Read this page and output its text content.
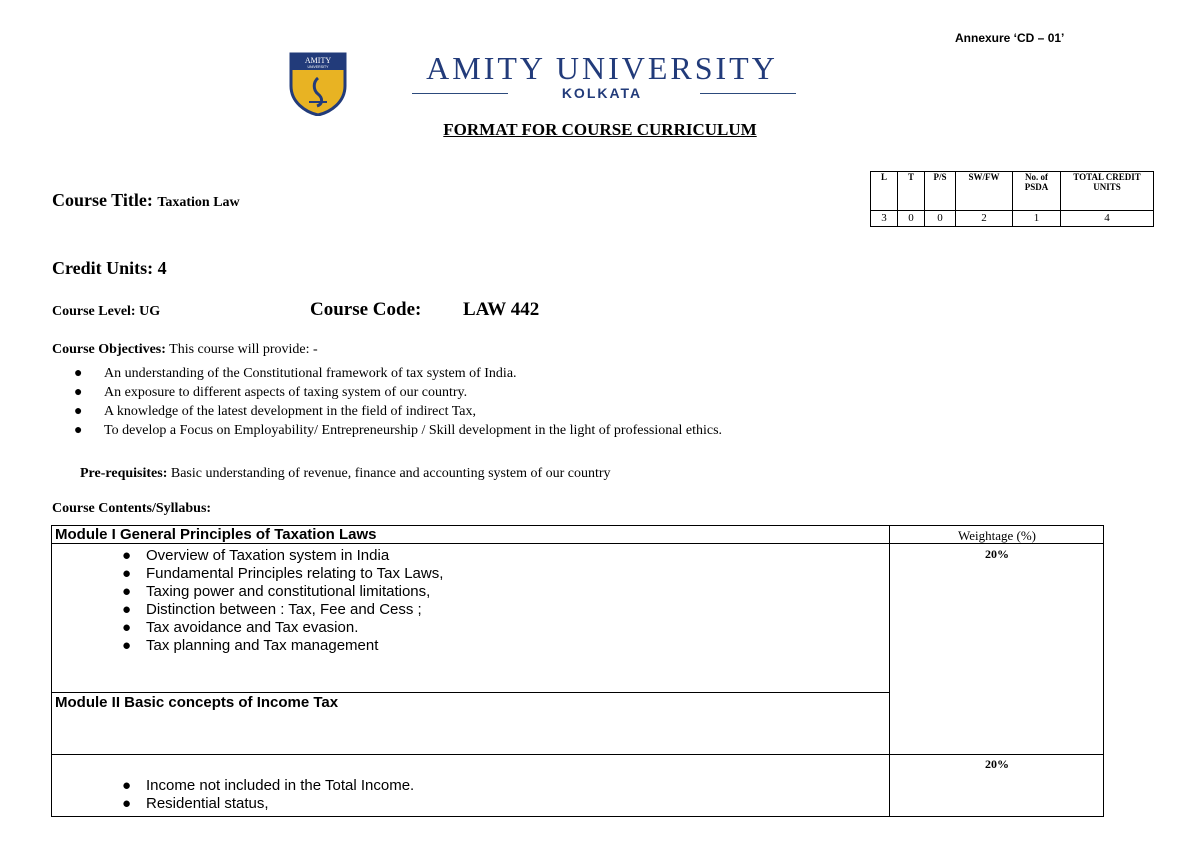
Annexure ‘CD – 01’
AMITY
UNIVERSITY	AMITY UNIVERSITY
KOLKATA
FORMAT FOR COURSE CURRICULUM
Course Title: Taxation Law
L	T	P/S	SW/FW	No. of PSDA	TOTAL CREDIT UNITS
3	0	0	2	1	4
Credit Units: 4
Course Level: UG	Course Code: LAW 442
Course Objectives: This course will provide: -
● An understanding of the Constitutional framework of tax system of India.
● An exposure to different aspects of taxing system of our country.
● A knowledge of the latest development in the field of indirect Tax,
● To develop a Focus on Employability/ Entrepreneurship / Skill development in the light of professional ethics.
Pre-requisites: Basic understanding of revenue, finance and accounting system of our country
Course Contents/Syllabus:
Module I General Principles of Taxation Laws	Weightage (%)
20%
● Overview of Taxation system in India
● Fundamental Principles relating to Tax Laws,
● Taxing power and constitutional limitations,
● Distinction between : Tax, Fee and Cess ;
● Tax avoidance and Tax evasion.
● Tax planning and Tax management
Module II Basic concepts of Income Tax
20%
● Income not included in the Total Income.
● Residential status,
